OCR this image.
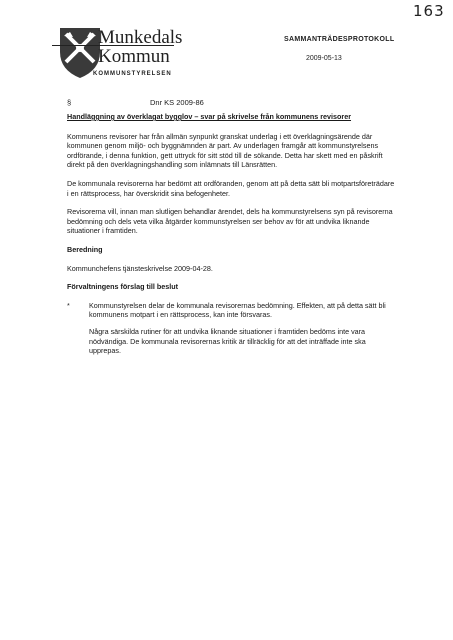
163
Munkedals
Kommun
KOMMUNSTYRELSEN
SAMMANTRÄDESPROTOKOLL
2009-05-13
§	Dnr KS 2009-86

Handläggning av överklagat bygglov – svar på skrivelse från kommunens revisorer

Kommunens revisorer har från allmän synpunkt granskat underlag i ett överklagningsärende där kommunen genom miljö- och byggnämnden är part. Av underlagen framgår att kommunstyrelsens ordförande, i denna funktion, gett uttryck för sitt stöd till de sökande. Detta har skett med en påskrift direkt på den överklagningshandling som inlämnats till Länsrätten.

De kommunala revisorerna har bedömt att ordföranden, genom att på detta sätt bli motpartsföreträdare i en rättsprocess, har överskridit sina befogenheter.

Revisorerna vill, innan man slutligen behandlar ärendet, dels ha kommunstyrelsens syn på revisorerna bedömning och dels veta vilka åtgärder kommunstyrelsen ser behov av för att undvika liknande situationer i framtiden.

Beredning

Kommunchefens tjänsteskrivelse 2009-04-28.

Förvaltningens förslag till beslut

*	Kommunstyrelsen delar de kommunala revisorernas bedömning. Effekten, att på detta sätt bli kommunens motpart i en rättsprocess, kan inte försvaras.

Några särskilda rutiner för att undvika liknande situationer i framtiden bedöms inte vara nödvändiga. De kommunala revisorernas kritik är tillräcklig för att det inträffade inte ska upprepas.
